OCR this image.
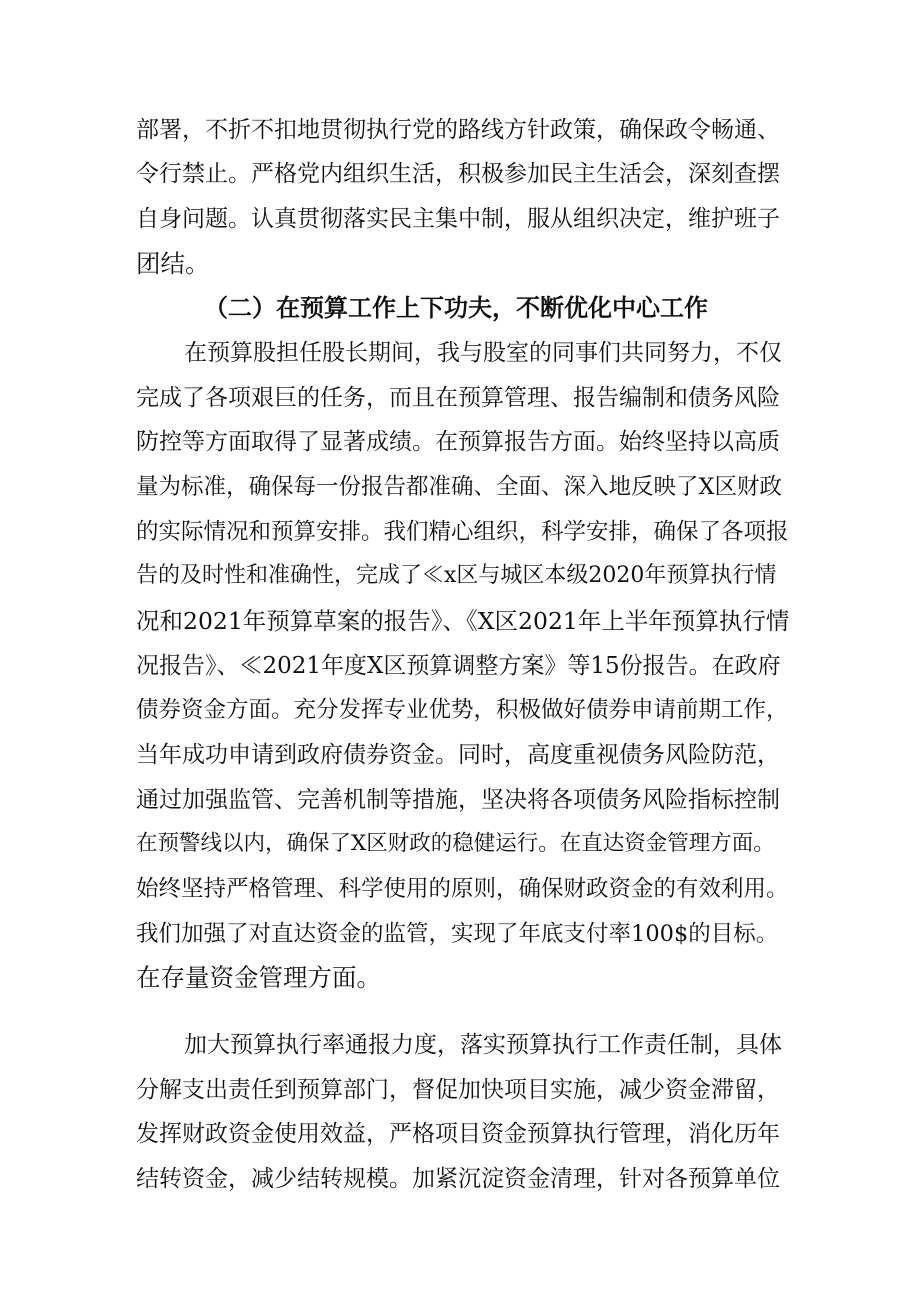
部署，不折不扣地贯彻执行党的路线方针政策，确保政令畅通、
令行禁止。严格党内组织生活，积极参加民主生活会，深刻查摆
自身问题。认真贯彻落实民主集中制，服从组织决定，维护班子
团结。
（二）在预算工作上下功夫，不断优化中心工作
在预算股担任股长期间，我与股室的同事们共同努力，不仅
完成了各项艰巨的任务，而且在预算管理、报告编制和债务风险
防控等方面取得了显著成绩。在预算报告方面。始终坚持以高质
量为标准，确保每一份报告都准确、全面、深入地反映了X区财政
的实际情况和预算安排。我们精心组织，科学安排，确保了各项报
告的及时性和准确性，完成了≪x区与城区本级2020年预算执行情
况和2021年预算草案的报告》、《X区2021年上半年预算执行情
况报告》、≪2021年度X区预算调整方案》等15份报告。在政府
债券资金方面。充分发挥专业优势，积极做好债券申请前期工作，
当年成功申请到政府债券资金。同时，高度重视债务风险防范，
通过加强监管、完善机制等措施，坚决将各项债务风险指标控制
在预警线以内，确保了X区财政的稳健运行。在直达资金管理方面。
始终坚持严格管理、科学使用的原则，确保财政资金的有效利用。
我们加强了对直达资金的监管，实现了年底支付率100$的目标。
在存量资金管理方面。
加大预算执行率通报力度，落实预算执行工作责任制，具体
分解支出责任到预算部门，督促加快项目实施，减少资金滞留，
发挥财政资金使用效益，严格项目资金预算执行管理，消化历年
结转资金，减少结转规模。加紧沉淀资金清理，针对各预算单位
